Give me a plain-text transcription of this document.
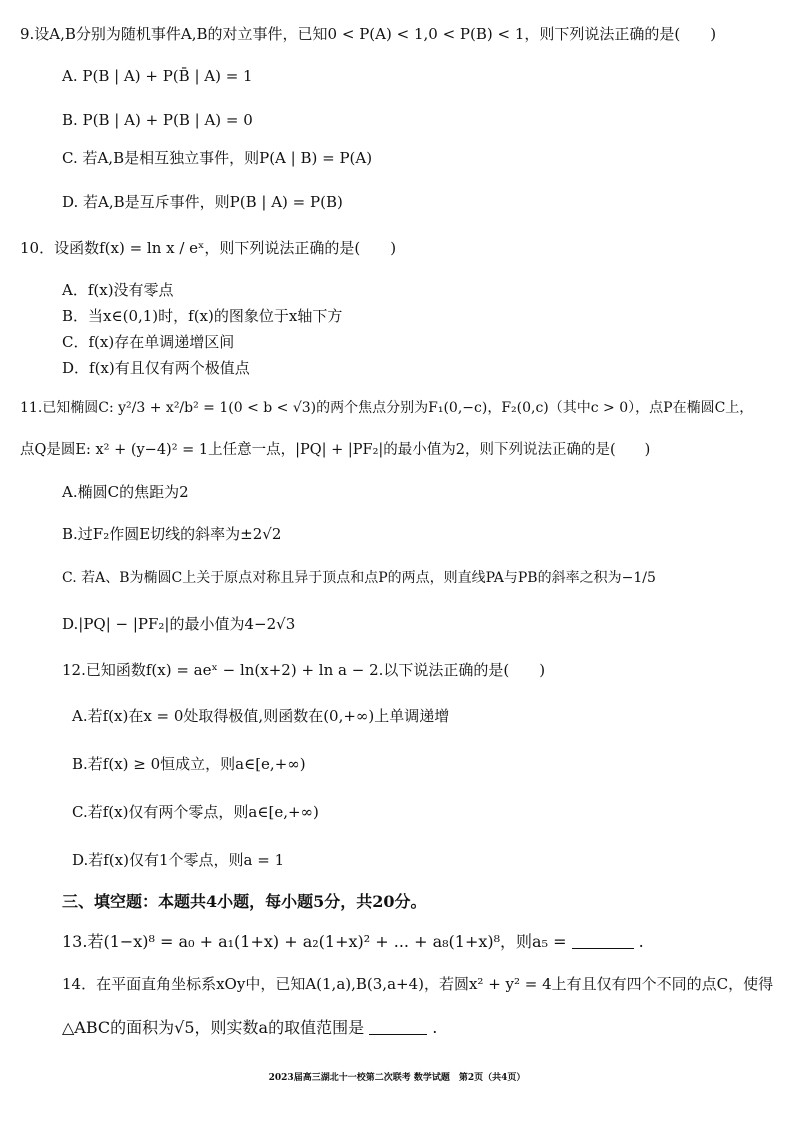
9.设A,B分别为随机事件A,B的对立事件，已知0 < P(A) < 1,0 < P(B) < 1，则下列说法正确的是(　　)
A. P(B | A) + P(B̄ | A) = 1
B. P(B | A) + P(B | A) = 0
C. 若A,B是相互独立事件，则P(A | B) = P(A)
D. 若A,B是互斥事件，则P(B | A) = P(B)
10．设函数f(x) = ln x / eˣ，则下列说法正确的是(　　)
A．f(x)没有零点
B．当x∈(0,1)时，f(x)的图象位于x轴下方
C．f(x)存在单调递增区间
D．f(x)有且仅有两个极值点
11.已知椭圆C: y²/3 + x²/b² = 1(0 < b < √3)的两个焦点分别为F₁(0,−c)，F₂(0,c)（其中c > 0），点P在椭圆C上，
点Q是圆E: x² + (y−4)² = 1上任意一点，|PQ| + |PF₂|的最小值为2，则下列说法正确的是(　　)
A.椭圆C的焦距为2
B.过F₂作圆E切线的斜率为±2√2
C. 若A、B为椭圆C上关于原点对称且异于顶点和点P的两点，则直线PA与PB的斜率之积为−1/5
D.|PQ| − |PF₂|的最小值为4−2√3
12.已知函数f(x) = aeˣ − ln(x+2) + ln a − 2.以下说法正确的是(　　)
A.若f(x)在x = 0处取得极值,则函数在(0,+∞)上单调递增
B.若f(x) ≥ 0恒成立，则a∈[e,+∞)
C.若f(x)仅有两个零点，则a∈[e,+∞)
D.若f(x)仅有1个零点，则a = 1
三、填空题：本题共4小题，每小题5分，共20分。
13.若(1−x)⁸ = a₀ + a₁(1+x) + a₂(1+x)² + ... + a₈(1+x)⁸，则a₅ =	.
14．在平面直角坐标系xOy中，已知A(1,a),B(3,a+4)，若圆x² + y² = 4上有且仅有四个不同的点C，使得
△ABC的面积为√5，则实数a的取值范围是	.
2023届高三湖北十一校第二次联考 数学试题　第2页（共4页）
